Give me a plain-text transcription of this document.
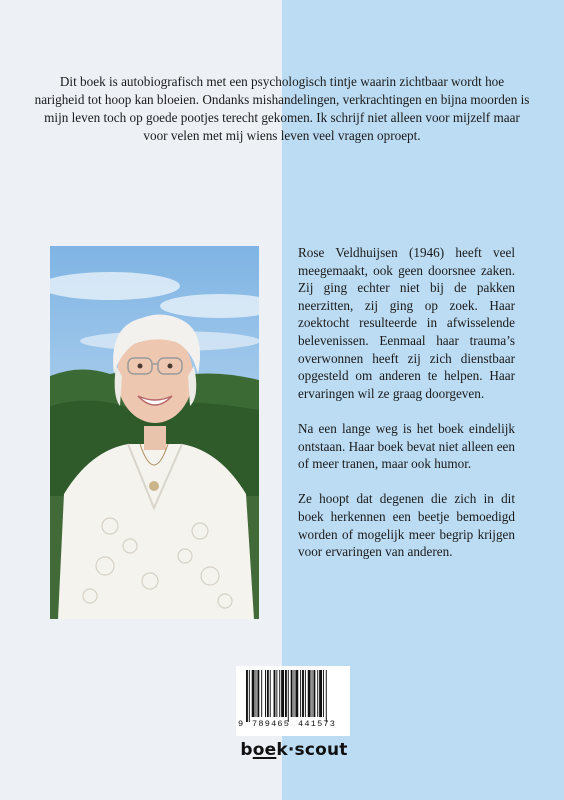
Dit boek is autobiografisch met een psychologisch tintje waarin zichtbaar wordt hoe narigheid tot hoop kan bloeien. Ondanks mishandelingen, verkrachtingen en bijna moorden is mijn leven toch op goede pootjes terecht gekomen. Ik schrijf niet alleen voor mijzelf maar voor velen met mij wiens leven veel vragen oproept.

Rose Veldhuijsen (1946) heeft veel meegemaakt, ook geen doorsnee zaken. Zij ging echter niet bij de pakken neerzitten, zij ging op zoek. Haar zoektocht resulteerde in afwisselende belevenissen. Eenmaal haar trauma’s overwonnen heeft zij zich dienstbaar opgesteld om anderen te helpen. Haar ervaringen wil ze graag doorgeven.

Na een lange weg is het boek eindelijk ontstaan. Haar boek bevat niet alleen een of meer tranen, maar ook humor.

Ze hoopt dat degenen die zich in dit boek herkennen een beetje bemoedigd worden of mogelijk meer begrip krijgen voor ervaringen van anderen.

9 789465 441573
boek·scout
